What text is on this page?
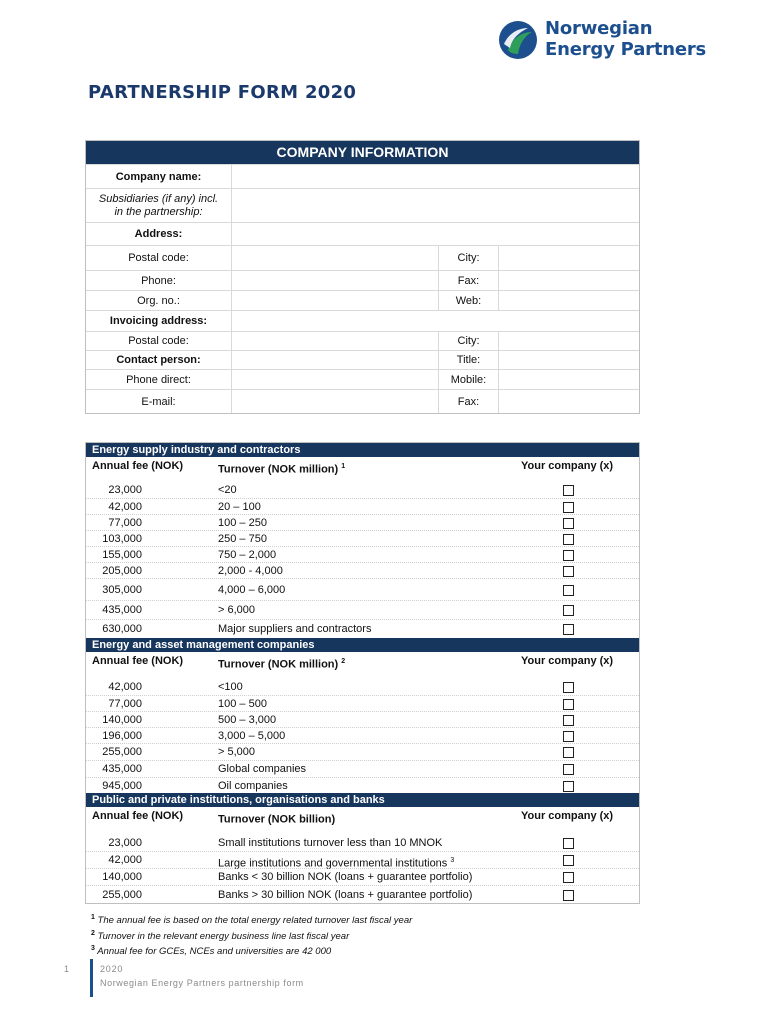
Norwegian
Energy Partners
PARTNERSHIP FORM 2020
COMPANY INFORMATION
Company name:
Subsidiaries (if any) incl.
in the partnership:
Address:
Postal code:	City:
Phone:	Fax:
Org. no.:	Web:
Invoicing address:
Postal code:	City:
Contact person:	Title:
Phone direct:	Mobile:
E-mail:	Fax:
Energy supply industry and contractors
Annual fee (NOK)	Turnover (NOK million) $^1$	Your company (x)
23,000	<20
42,000	20 – 100
77,000	100 – 250
103,000	250 – 750
155,000	750 – 2,000
205,000	2,000 - 4,000
305,000	4,000 – 6,000
435,000	> 6,000
630,000	Major suppliers and contractors
Energy and asset management companies
Annual fee (NOK)	Turnover (NOK million) $^2$	Your company (x)
42,000	<100
77,000	100 – 500
140,000	500 – 3,000
196,000	3,000 – 5,000
255,000	> 5,000
435,000	Global companies
945,000	Oil companies
Public and private institutions, organisations and banks
Annual fee (NOK)	Turnover (NOK billion)	Your company (x)
23,000	Small institutions turnover less than 10 MNOK
42,000	Large institutions and governmental institutions $^3$
140,000	Banks < 30 billion NOK (loans + guarantee portfolio)
255,000	Banks > 30 billion NOK (loans + guarantee portfolio)
$^1$ The annual fee is based on the total energy related turnover last fiscal year
$^2$ Turnover in the relevant energy business line last fiscal year
$^3$ Annual fee for GCEs, NCEs and universities are 42 000
1	2020
Norwegian Energy Partners partnership form
